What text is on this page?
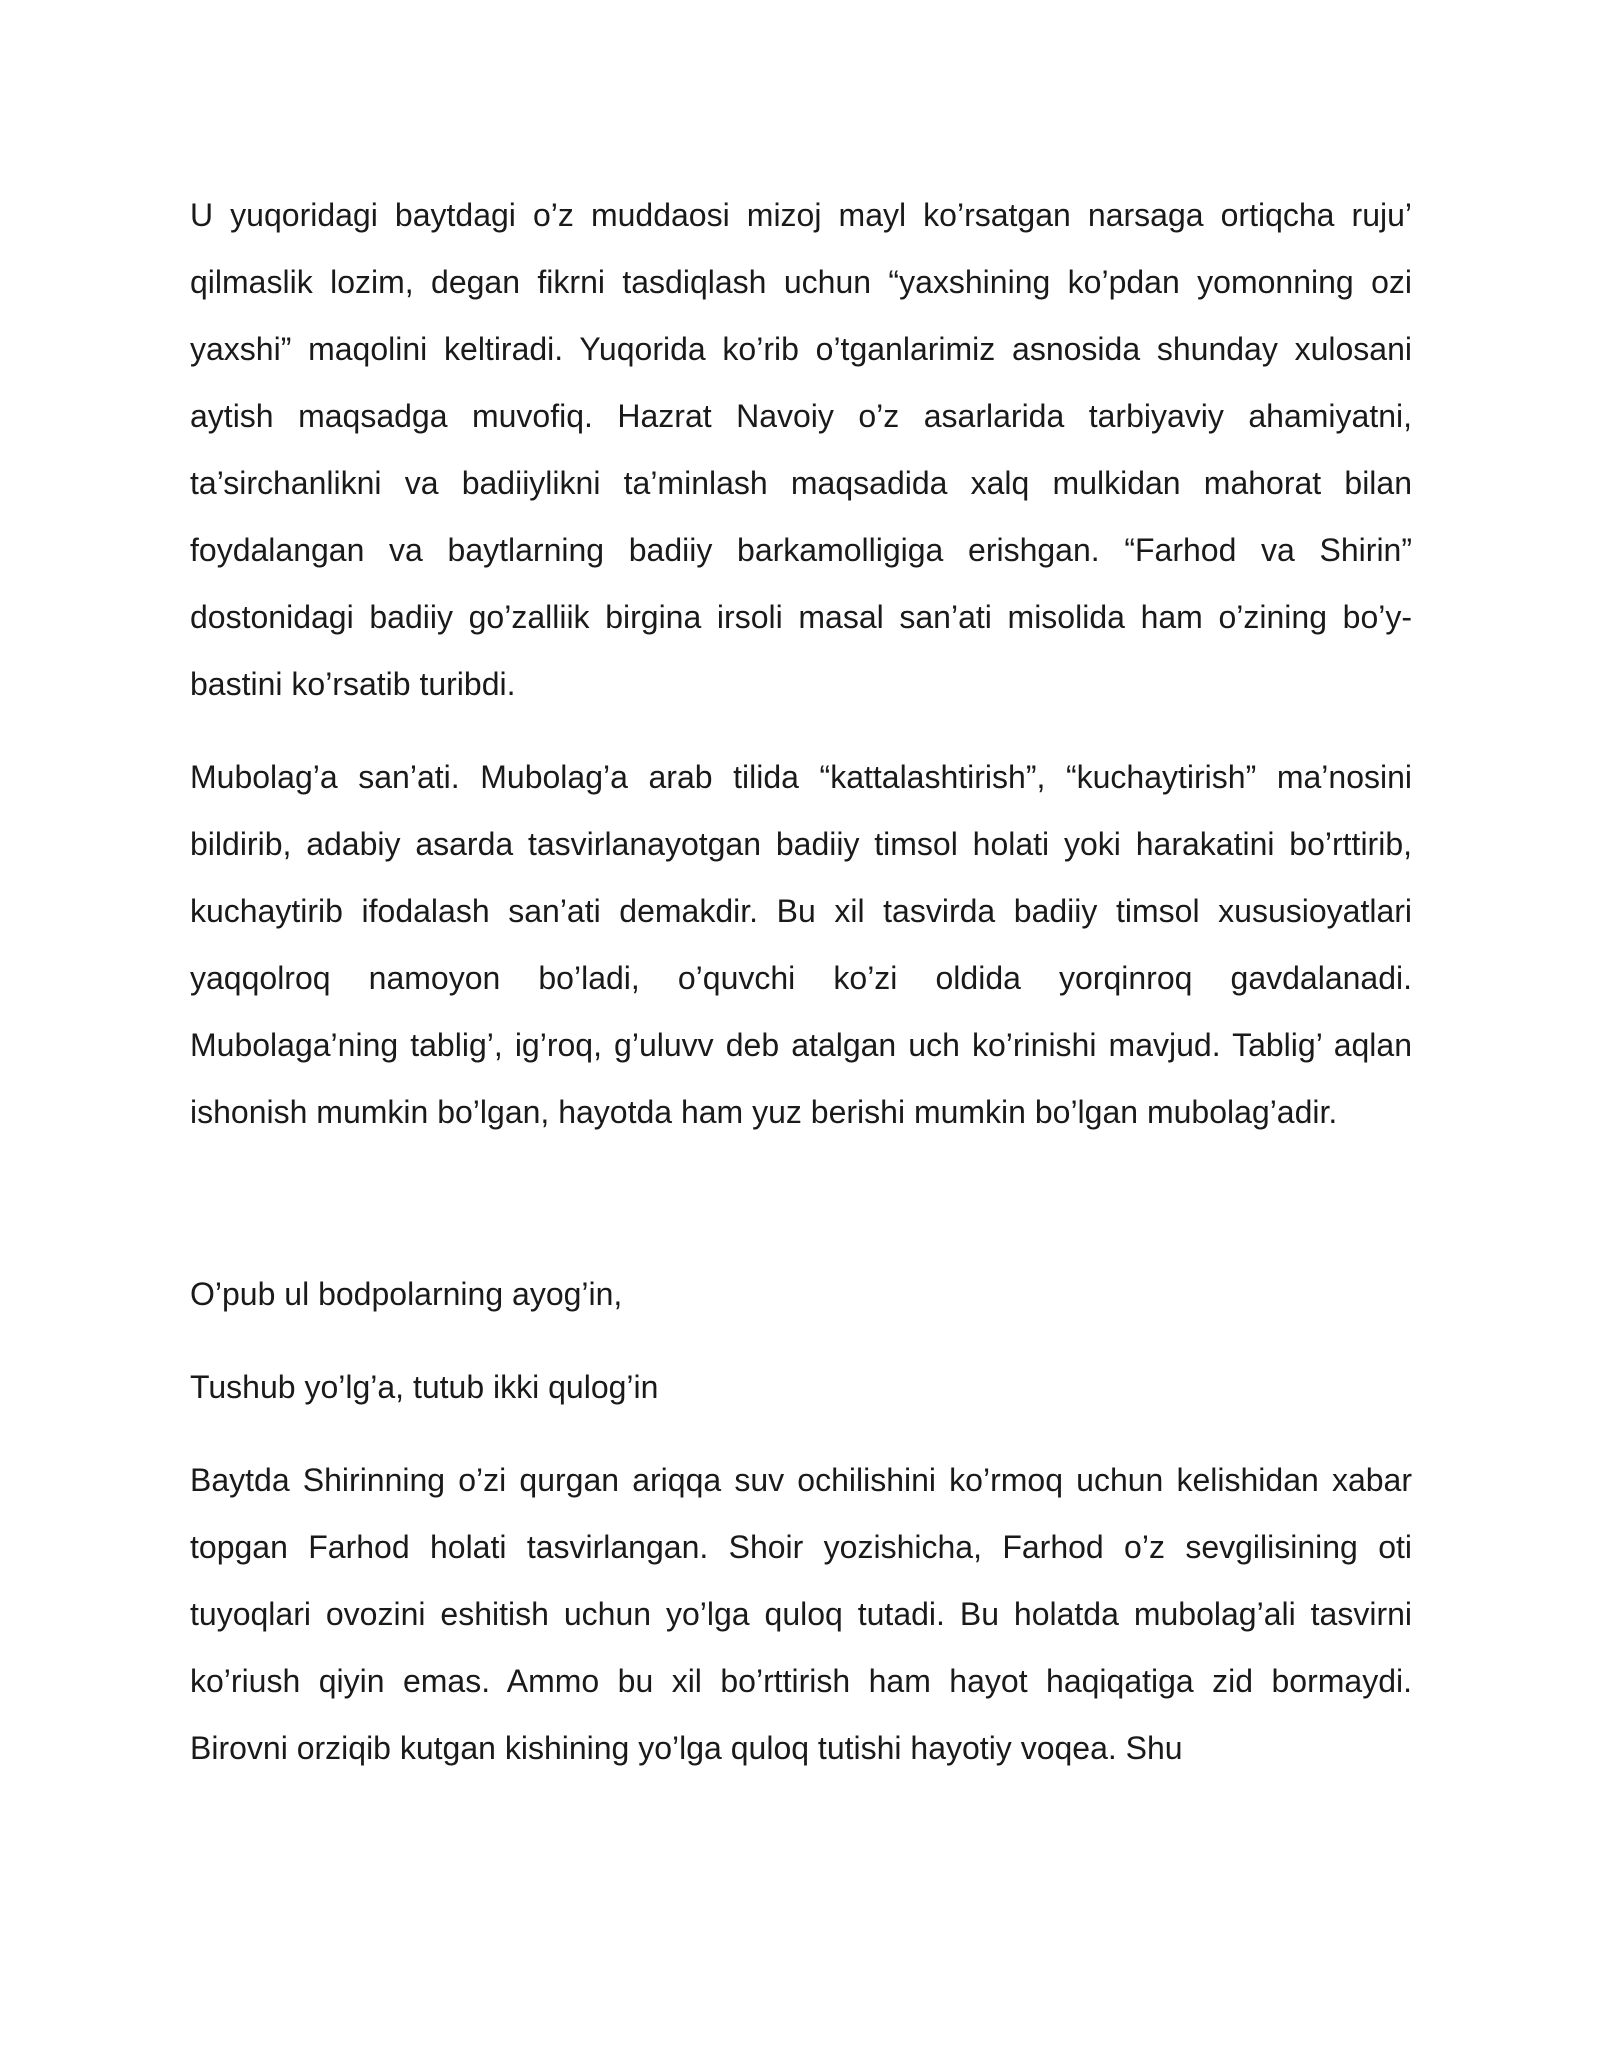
U yuqoridagi baytdagi o’z muddaosi mizoj mayl ko’rsatgan narsaga ortiqcha ruju’ qilmaslik lozim, degan fikrni tasdiqlash uchun “yaxshining ko’pdan yomonning ozi yaxshi” maqolini keltiradi. Yuqorida ko’rib o’tganlarimiz asnosida shunday xulosani aytish maqsadga muvofiq. Hazrat Navoiy o’z asarlarida tarbiyaviy ahamiyatni, ta’sirchanlikni va badiiylikni ta’minlash maqsadida xalq mulkidan mahorat bilan foydalangan va baytlarning badiiy barkamolligiga erishgan. “Farhod va Shirin” dostonidagi badiiy go’zalliik birgina irsoli masal san’ati misolida ham o’zining bo’y-bastini ko’rsatib turibdi.

Mubolag’a san’ati. Mubolag’a arab tilida “kattalashtirish”, “kuchaytirish” ma’nosini bildirib, adabiy asarda tasvirlanayotgan badiiy timsol holati yoki harakatini bo’rttirib, kuchaytirib ifodalash san’ati demakdir. Bu xil tasvirda badiiy timsol xususioyatlari yaqqolroq namoyon bo’ladi, o’quvchi ko’zi oldida yorqinroq gavdalanadi. Mubolaga’ning tablig’, ig’roq, g’uluvv deb atalgan uch ko’rinishi mavjud. Tablig’ aqlan ishonish mumkin bo’lgan, hayotda ham yuz berishi mumkin bo’lgan mubolag’adir.

O’pub ul bodpolarning ayog’in,

Tushub yo’lg’a, tutub ikki qulog’in

Baytda Shirinning o’zi qurgan ariqqa suv ochilishini ko’rmoq uchun kelishidan xabar topgan Farhod holati tasvirlangan. Shoir yozishicha, Farhod o’z sevgilisining oti tuyoqlari ovozini eshitish uchun yo’lga quloq tutadi. Bu holatda mubolag’ali tasvirni ko’riush qiyin emas. Ammo bu xil bo’rttirish ham hayot haqiqatiga zid bormaydi. Birovni orziqib kutgan kishining yo’lga quloq tutishi hayotiy voqea. Shu
